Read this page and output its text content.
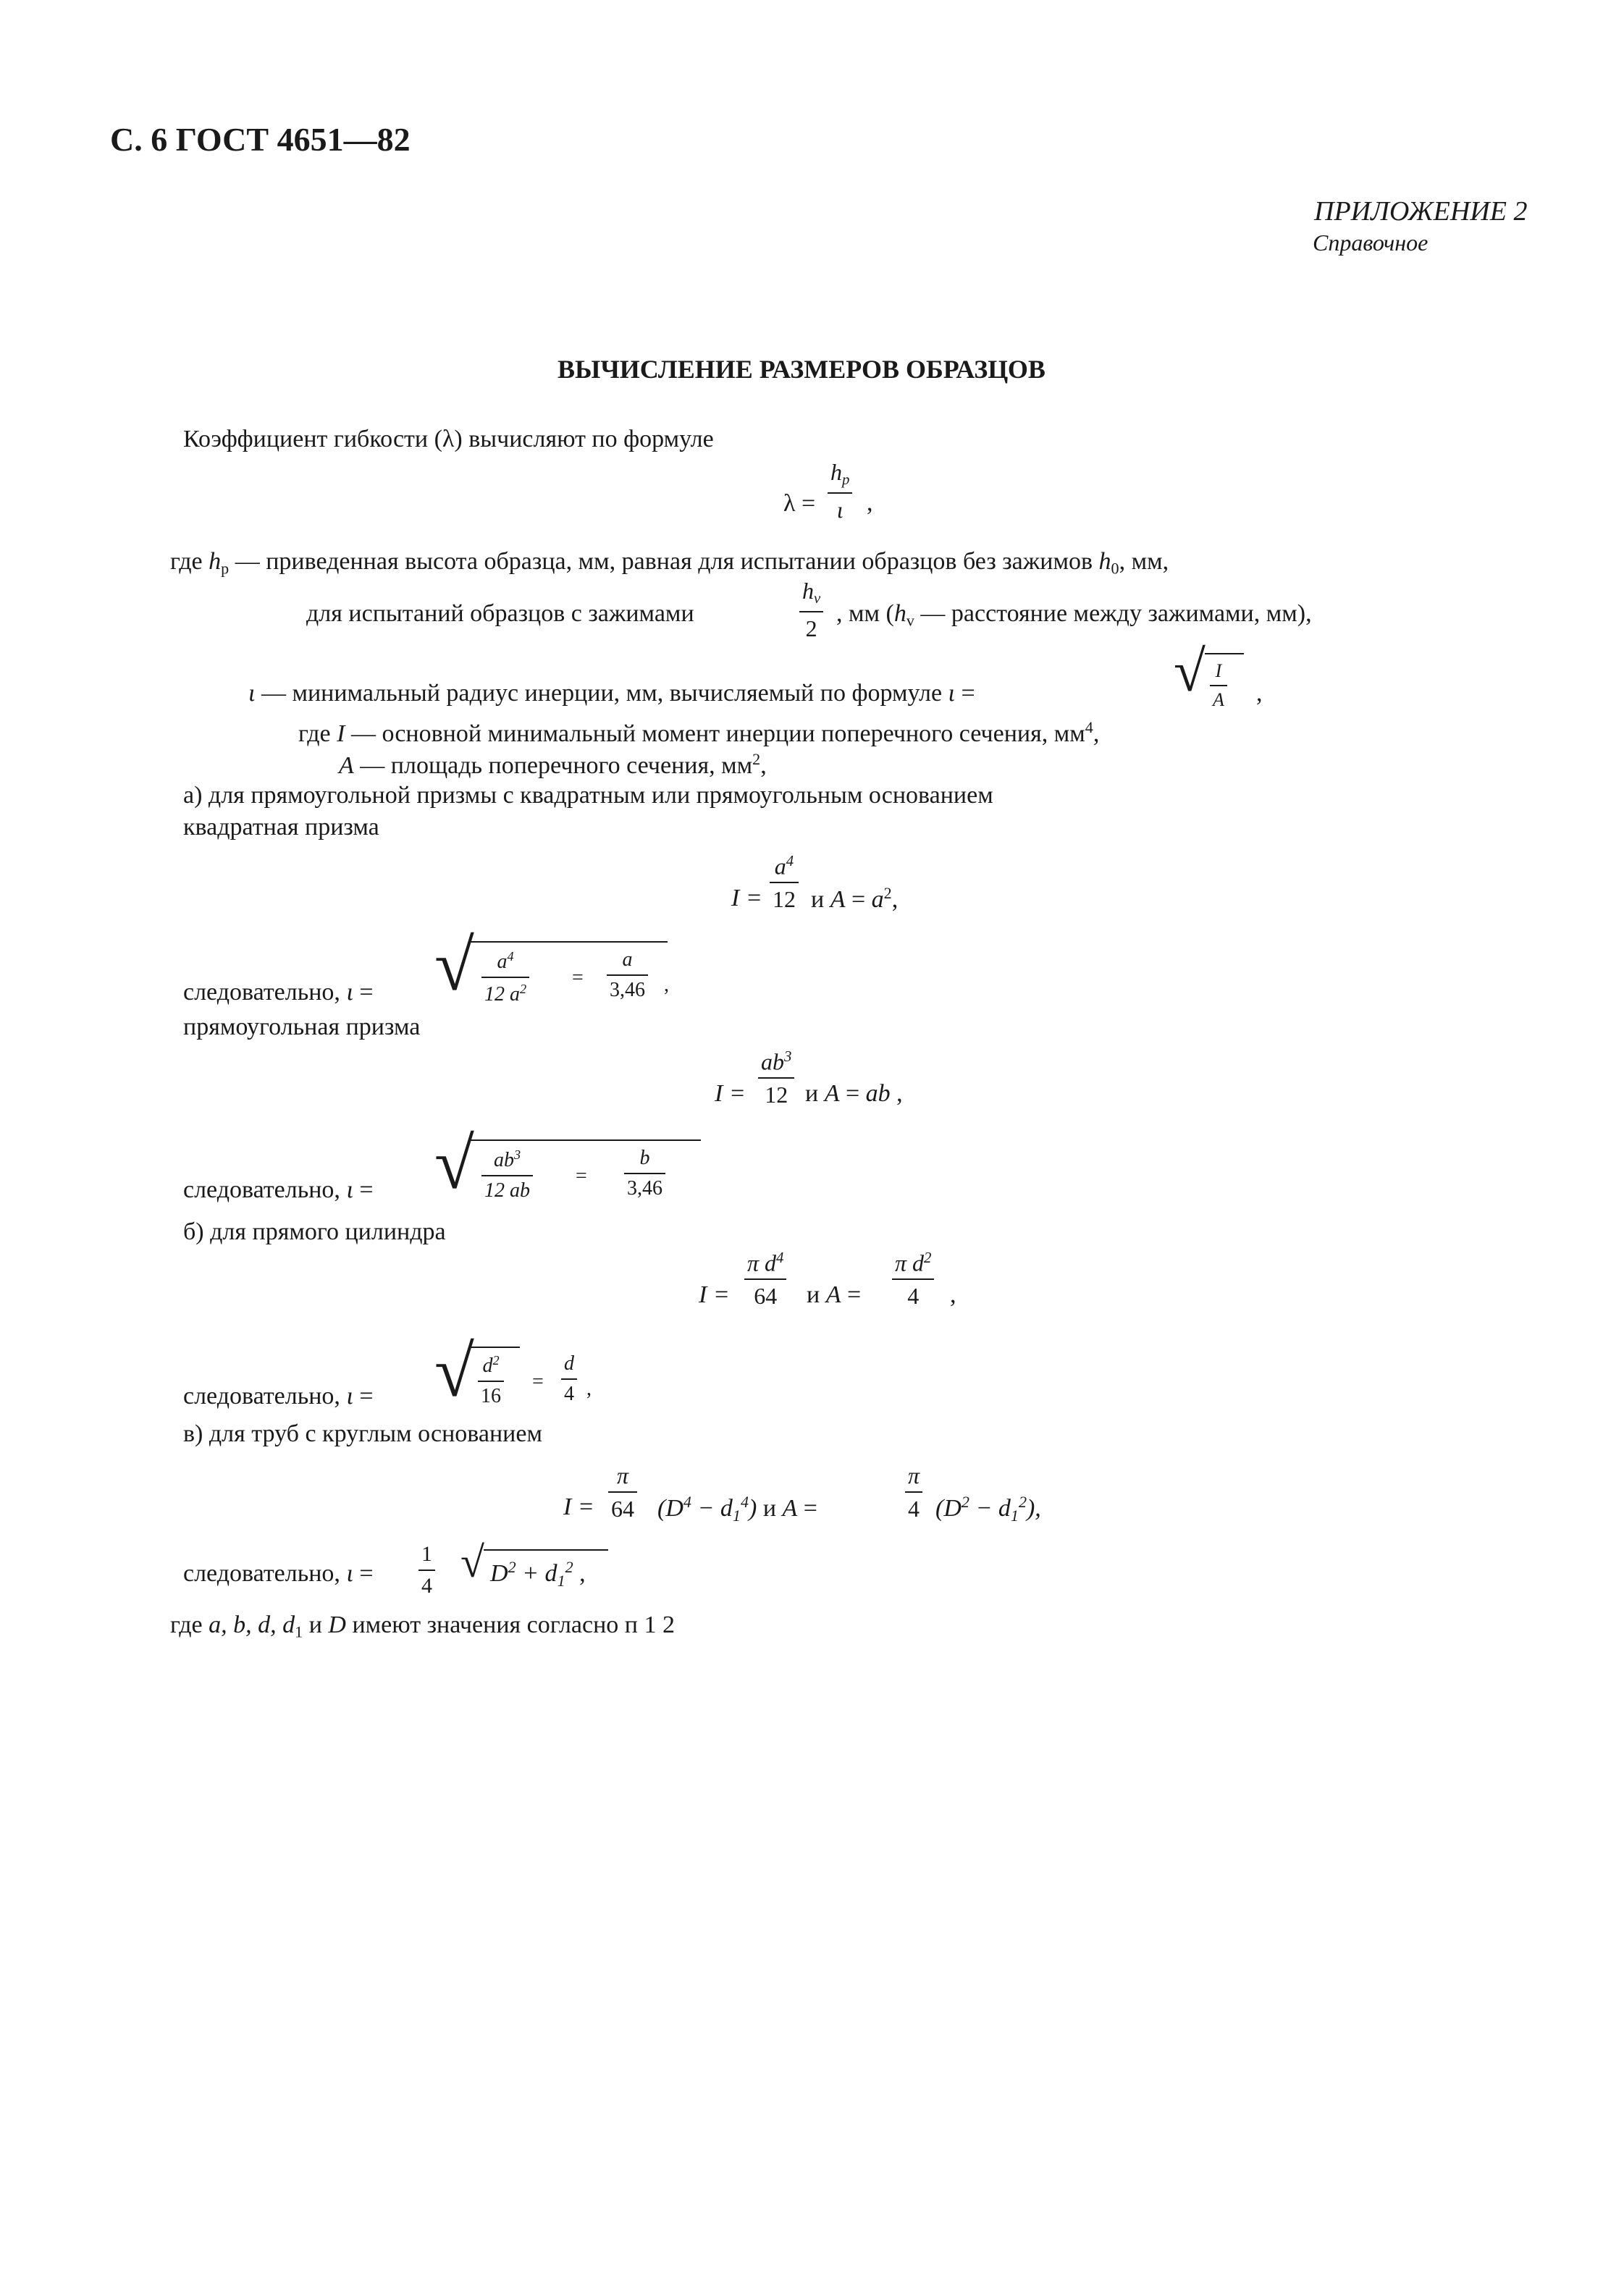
С. 6 ГОСТ 4651—82
ПРИЛОЖЕНИЕ 2
Справочное
ВЫЧИСЛЕНИЕ РАЗМЕРОВ ОБРАЗЦОВ
Коэффициент гибкости (λ) вычисляют по формуле
$\lambda = \frac{h_p}{\iota}$ ,
где $h_р$ — приведенная высота образца, мм, равная для испытании образцов без зажимов $h_0$, мм,
для испытаний образцов с зажимами	$\frac{h_v}{2}$ , мм ($h_v$ — расстояние между зажимами, мм),
ι — минимальный радиус инерции, мм, вычисляемый по формуле ι =	√ $\frac{I}{A}$ ,
где I — основной минимальный момент инерции поперечного сечения, $мм^4$,
A — площадь поперечного сечения, $мм^2$,
а) для прямоугольной призмы с квадратным или прямоугольным основанием
квадратная призма
$I = \frac{a^4}{12}$ и $A = a^2$,
следовательно, ι = √ $\frac{a^4}{12 a^2} = \frac{a}{3,46}$ ,
прямоугольная призма
$I = \frac{ab^3}{12}$ и A = ab ,
следовательно, ι = √ $\frac{ab^3}{12 ab} = \frac{b}{3,46}$
б) для прямого цилиндра
$I = \frac{\pi d^4}{64}$ и $A = \frac{\pi d^2}{4}$ ,
следовательно, ι = √ $\frac{d^2}{16} = \frac{d}{4}$ ,
в) для труб с круглым основанием
$I = \frac{\pi}{64} (D^4 - d_1^4)$ и A =	$\frac{\pi}{4} (D^2 - d_1^2)$,
следовательно, $\iota = \frac{1}{4}$ √ $D^2 + d_1^2$ ,
где a, b, d, $d_1$ и D имеют значения согласно п 1 2
